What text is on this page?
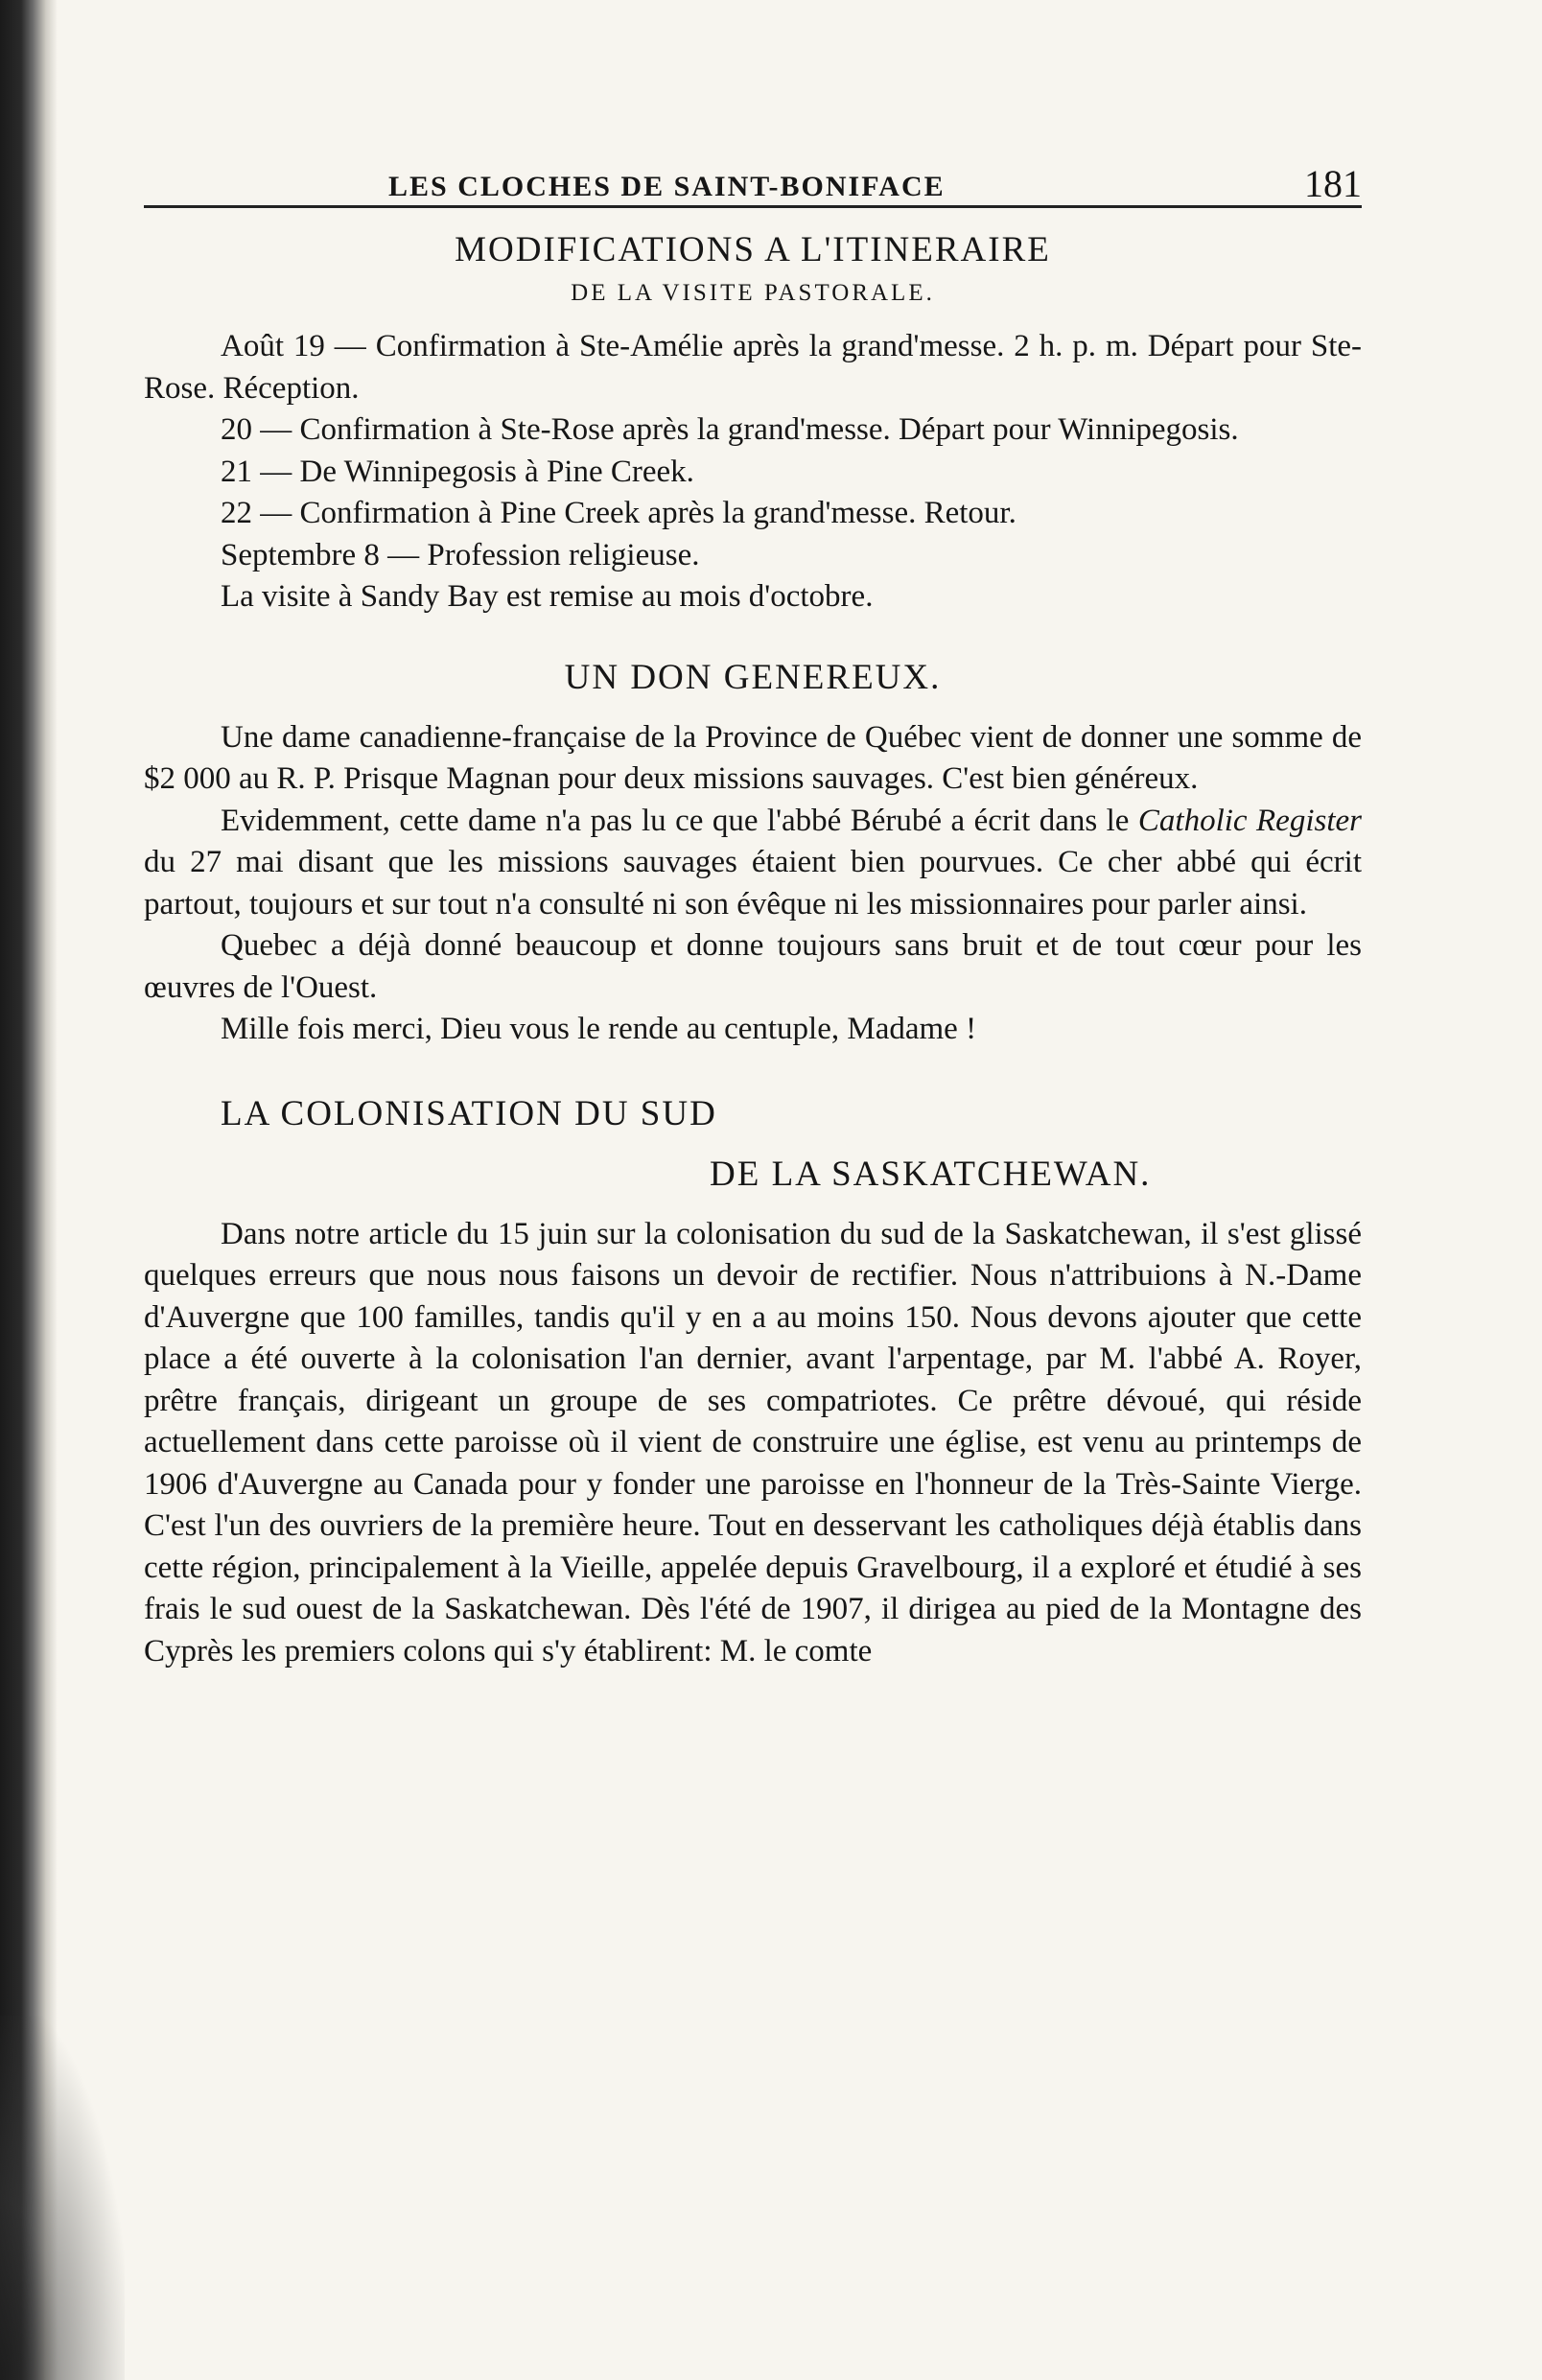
LES CLOCHES DE SAINT-BONIFACE	181
MODIFICATIONS A L'ITINERAIRE
DE LA VISITE PASTORALE.

Août 19 — Confirmation à Ste-Amélie après la grand'messe. 2 h. p. m. Départ pour Ste-Rose. Réception.

20 — Confirmation à Ste-Rose après la grand'messe. Départ pour Winnipegosis.

21 — De Winnipegosis à Pine Creek.

22 — Confirmation à Pine Creek après la grand'messe. Retour.

Septembre 8 — Profession religieuse.

La visite à Sandy Bay est remise au mois d'octobre.

UN DON GENEREUX.

Une dame canadienne-française de la Province de Québec vient de donner une somme de $2 000 au R. P. Prisque Magnan pour deux missions sauvages. C'est bien généreux.

Evidemment, cette dame n'a pas lu ce que l'abbé Bérubé a écrit dans le Catholic Register du 27 mai disant que les missions sauvages étaient bien pourvues. Ce cher abbé qui écrit partout, toujours et sur tout n'a consulté ni son évêque ni les missionnaires pour parler ainsi.

Quebec a déjà donné beaucoup et donne toujours sans bruit et de tout cœur pour les œuvres de l'Ouest.

Mille fois merci, Dieu vous le rende au centuple, Madame !

LA COLONISATION DU SUD
DE LA SASKATCHEWAN.

Dans notre article du 15 juin sur la colonisation du sud de la Saskatchewan, il s'est glissé quelques erreurs que nous nous faisons un devoir de rectifier. Nous n'attribuions à N.-Dame d'Auvergne que 100 familles, tandis qu'il y en a au moins 150. Nous devons ajouter que cette place a été ouverte à la colonisation l'an dernier, avant l'arpentage, par M. l'abbé A. Royer, prêtre français, dirigeant un groupe de ses compatriotes. Ce prêtre dévoué, qui réside actuellement dans cette paroisse où il vient de construire une église, est venu au printemps de 1906 d'Auvergne au Canada pour y fonder une paroisse en l'honneur de la Très-Sainte Vierge. C'est l'un des ouvriers de la première heure. Tout en desservant les catholiques déjà établis dans cette région, principalement à la Vieille, appelée depuis Gravelbourg, il a exploré et étudié à ses frais le sud ouest de la Saskatchewan. Dès l'été de 1907, il dirigea au pied de la Montagne des Cyprès les premiers colons qui s'y établirent: M. le comte
